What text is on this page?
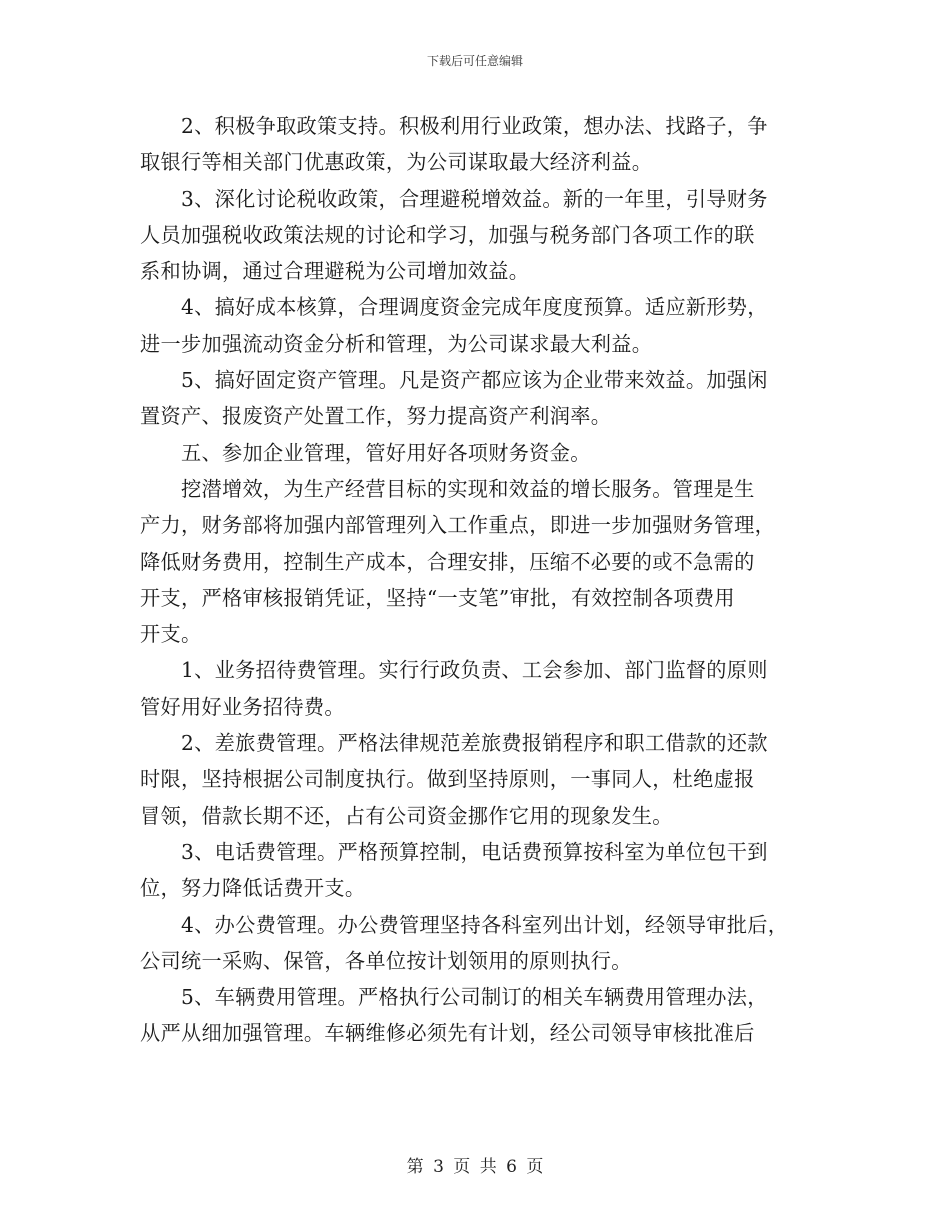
下载后可任意编辑
　　2、积极争取政策支持。积极利用行业政策，想办法、找路子，争
取银行等相关部门优惠政策，为公司谋取最大经济利益。
　　3、深化讨论税收政策，合理避税增效益。新的一年里，引导财务
人员加强税收政策法规的讨论和学习，加强与税务部门各项工作的联
系和协调，通过合理避税为公司增加效益。
　　4、搞好成本核算，合理调度资金完成年度度预算。适应新形势，
进一步加强流动资金分析和管理，为公司谋求最大利益。
　　5、搞好固定资产管理。凡是资产都应该为企业带来效益。加强闲
置资产、报废资产处置工作，努力提高资产利润率。
　　五、参加企业管理，管好用好各项财务资金。
　　挖潜增效，为生产经营目标的实现和效益的增长服务。管理是生
产力，财务部将加强内部管理列入工作重点，即进一步加强财务管理，
降低财务费用，控制生产成本，合理安排，压缩不必要的或不急需的
开支，严格审核报销凭证，坚持“一支笔”审批，有效控制各项费用
开支。
　　1、业务招待费管理。实行行政负责、工会参加、部门监督的原则
管好用好业务招待费。
　　2、差旅费管理。严格法律规范差旅费报销程序和职工借款的还款
时限，坚持根据公司制度执行。做到坚持原则，一事同人，杜绝虚报
冒领，借款长期不还，占有公司资金挪作它用的现象发生。
　　3、电话费管理。严格预算控制，电话费预算按科室为单位包干到
位，努力降低话费开支。
　　4、办公费管理。办公费管理坚持各科室列出计划，经领导审批后，
公司统一采购、保管，各单位按计划领用的原则执行。
　　5、车辆费用管理。严格执行公司制订的相关车辆费用管理办法，
从严从细加强管理。车辆维修必须先有计划，经公司领导审核批准后
第 3 页 共 6 页
